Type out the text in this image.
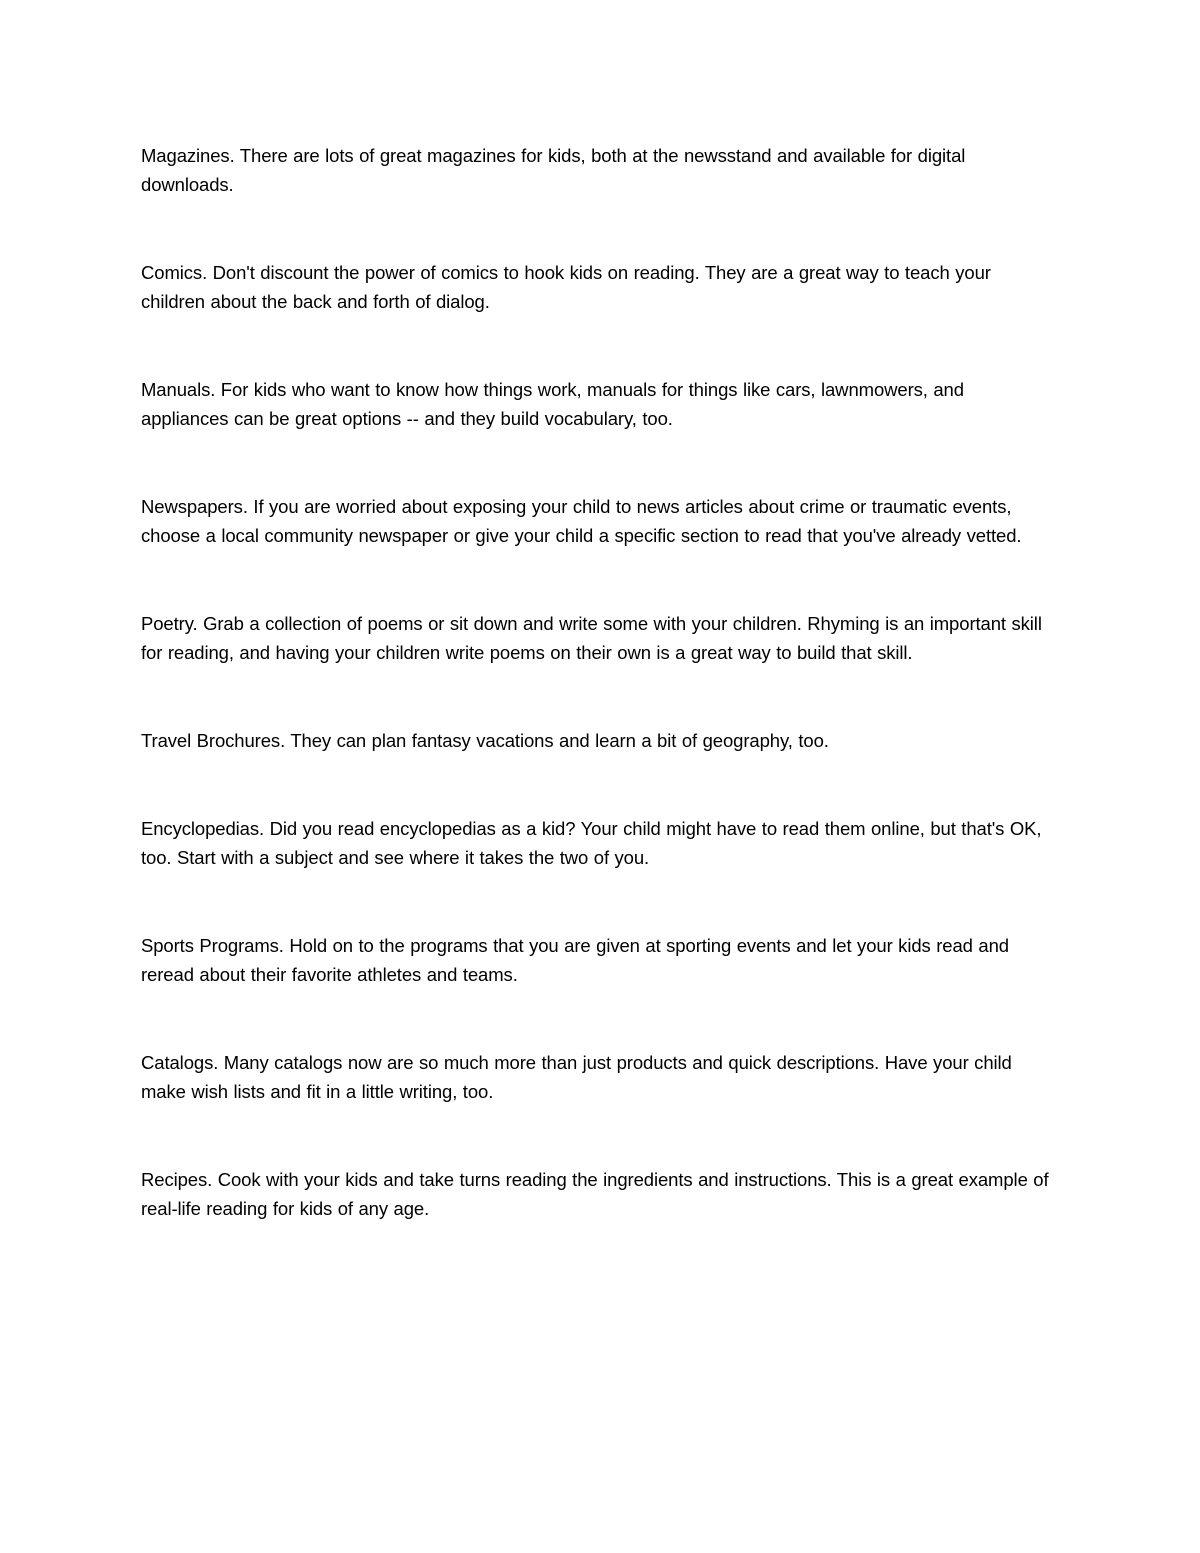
Magazines. There are lots of great magazines for kids, both at the newsstand and available for digital downloads.

Comics. Don't discount the power of comics to hook kids on reading. They are a great way to teach your children about the back and forth of dialog.

Manuals. For kids who want to know how things work, manuals for things like cars, lawnmowers, and appliances can be great options -- and they build vocabulary, too.

Newspapers. If you are worried about exposing your child to news articles about crime or traumatic events, choose a local community newspaper or give your child a specific section to read that you've already vetted.

Poetry. Grab a collection of poems or sit down and write some with your children. Rhyming is an important skill for reading, and having your children write poems on their own is a great way to build that skill.

Travel Brochures. They can plan fantasy vacations and learn a bit of geography, too.

Encyclopedias. Did you read encyclopedias as a kid? Your child might have to read them online, but that's OK, too. Start with a subject and see where it takes the two of you.

Sports Programs. Hold on to the programs that you are given at sporting events and let your kids read and reread about their favorite athletes and teams.

Catalogs. Many catalogs now are so much more than just products and quick descriptions. Have your child make wish lists and fit in a little writing, too.

Recipes. Cook with your kids and take turns reading the ingredients and instructions. This is a great example of real-life reading for kids of any age.
